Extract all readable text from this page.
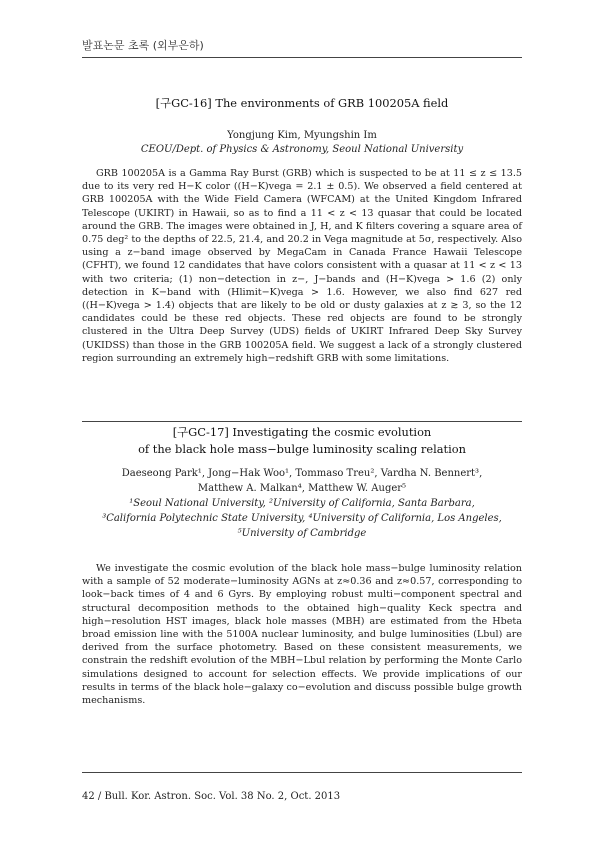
발표논문 초록 (외부은하)
[구GC-16] The environments of GRB 100205A field
Yongjung Kim, Myungshin Im
CEOU/Dept. of Physics & Astronomy, Seoul National University
GRB 100205A is a Gamma Ray Burst (GRB) which is suspected to be at 11 ≤ z ≤ 13.5 due to its very red H−K color ((H−K)vega = 2.1 ± 0.5). We observed a field centered at GRB 100205A with the Wide Field Camera (WFCAM) at the United Kingdom Infrared Telescope (UKIRT) in Hawaii, so as to find a 11 < z < 13 quasar that could be located around the GRB. The images were obtained in J, H, and K filters covering a square area of 0.75 deg² to the depths of 22.5, 21.4, and 20.2 in Vega magnitude at 5σ, respectively. Also using a z−band image observed by MegaCam in Canada France Hawaii Telescope (CFHT), we found 12 candidates that have colors consistent with a quasar at 11 < z < 13 with two criteria; (1) non−detection in z−, J−bands and (H−K)vega > 1.6 (2) only detection in K−band with (Hlimit−K)vega > 1.6. However, we also find 627 red ((H−K)vega > 1.4) objects that are likely to be old or dusty galaxies at z ≳ 3, so the 12 candidates could be these red objects. These red objects are found to be strongly clustered in the Ultra Deep Survey (UDS) fields of UKIRT Infrared Deep Sky Survey (UKIDSS) than those in the GRB 100205A field. We suggest a lack of a strongly clustered region surrounding an extremely high−redshift GRB with some limitations.
[구GC-17] Investigating the cosmic evolution
of the black hole mass−bulge luminosity scaling relation
Daeseong Park¹, Jong−Hak Woo¹, Tommaso Treu², Vardha N. Bennert³,
Matthew A. Malkan⁴, Matthew W. Auger⁵
¹Seoul National University, ²University of California, Santa Barbara,
³California Polytechnic State University, ⁴University of California, Los Angeles,
⁵University of Cambridge
We investigate the cosmic evolution of the black hole mass−bulge luminosity relation with a sample of 52 moderate−luminosity AGNs at z≈0.36 and z≈0.57, corresponding to look−back times of 4 and 6 Gyrs. By employing robust multi−component spectral and structural decomposition methods to the obtained high−quality Keck spectra and high−resolution HST images, black hole masses (MBH) are estimated from the Hbeta broad emission line with the 5100A nuclear luminosity, and bulge luminosities (Lbul) are derived from the surface photometry. Based on these consistent measurements, we constrain the redshift evolution of the MBH−Lbul relation by performing the Monte Carlo simulations designed to account for selection effects. We provide implications of our results in terms of the black hole−galaxy co−evolution and discuss possible bulge growth mechanisms.
42 / Bull. Kor. Astron. Soc. Vol. 38 No. 2, Oct. 2013
